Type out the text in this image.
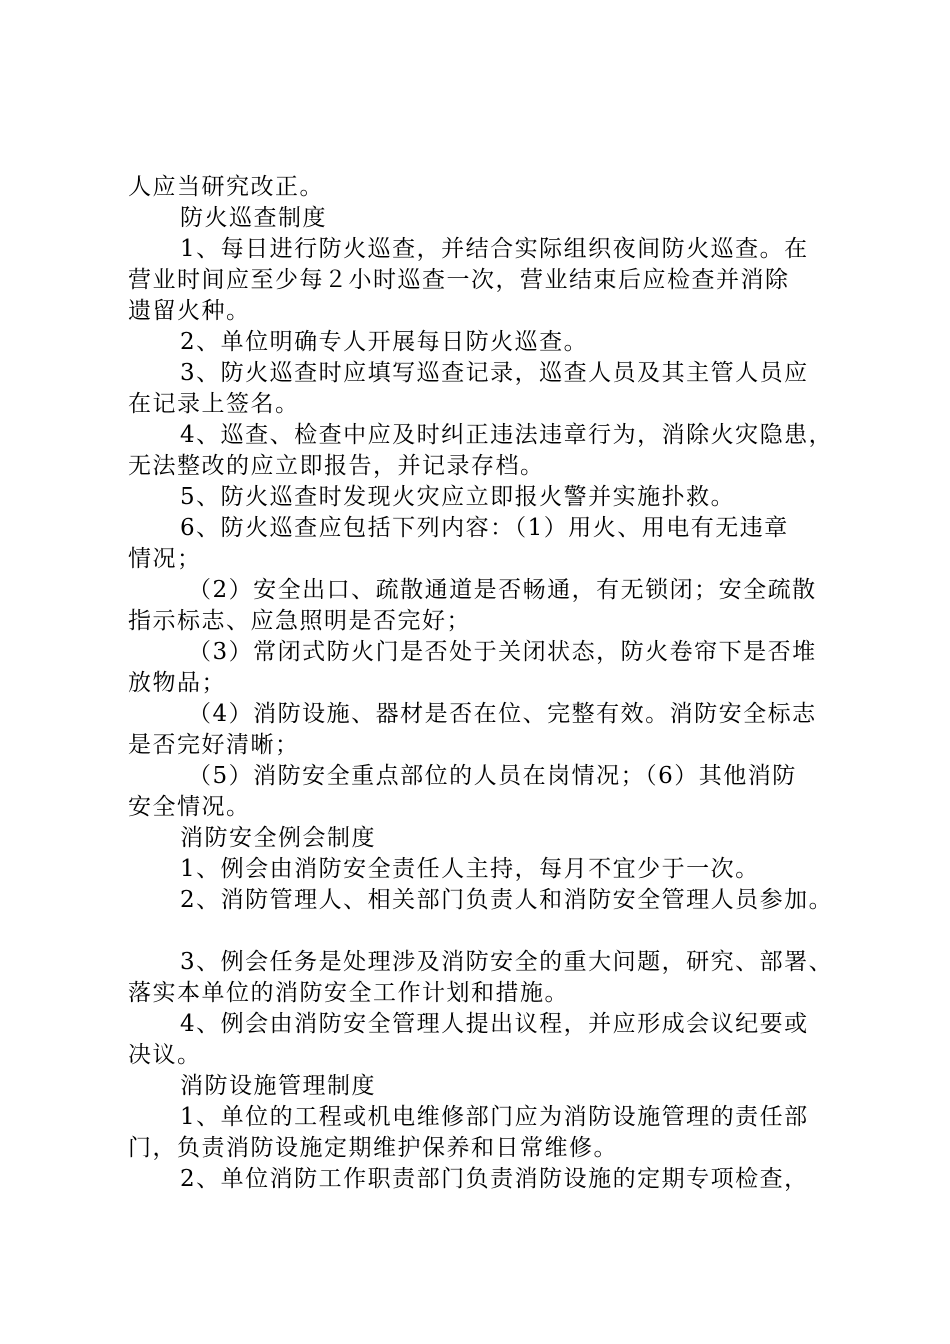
人应当研究改正。
防火巡查制度
1、每日进行防火巡查，并结合实际组织夜间防火巡查。在
营业时间应至少每２小时巡查一次，营业结束后应检查并消除
遗留火种。
2、单位明确专人开展每日防火巡查。
3、防火巡查时应填写巡查记录，巡查人员及其主管人员应
在记录上签名。
4、巡查、检查中应及时纠正违法违章行为，消除火灾隐患，
无法整改的应立即报告，并记录存档。
5、防火巡查时发现火灾应立即报火警并实施扑救。
6、防火巡查应包括下列内容：（1）用火、用电有无违章
情况；
（2）安全出口、疏散通道是否畅通，有无锁闭；安全疏散
指示标志、应急照明是否完好；
（3）常闭式防火门是否处于关闭状态，防火卷帘下是否堆
放物品；
（4）消防设施、器材是否在位、完整有效。消防安全标志
是否完好清晰；
（5）消防安全重点部位的人员在岗情况；（6）其他消防
安全情况。
消防安全例会制度
1、例会由消防安全责任人主持，每月不宜少于一次。
2、消防管理人、相关部门负责人和消防安全管理人员参加。
3、例会任务是处理涉及消防安全的重大问题，研究、部署、
落实本单位的消防安全工作计划和措施。
4、例会由消防安全管理人提出议程，并应形成会议纪要或
决议。
消防设施管理制度
1、单位的工程或机电维修部门应为消防设施管理的责任部
门，负责消防设施定期维护保养和日常维修。
2、单位消防工作职责部门负责消防设施的定期专项检查，
